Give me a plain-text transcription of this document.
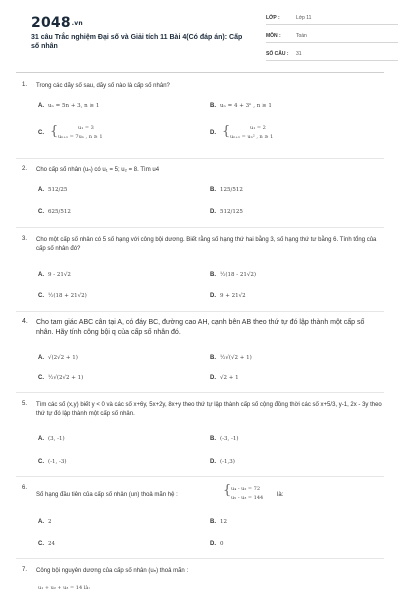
2048.vn
31 câu Trắc nghiệm Đại số và Giải tích 11 Bài 4(Có đáp án): Cấp số nhân
LỚP :	Lớp 11
MÔN :	Toán
SỐ CÂU :	31
1.	Trong các dãy số sau, dãy số nào là cấp số nhân?
A. uₙ = 5n + 3, n ≥ 1	B. uₙ = 4 + 3ⁿ , n ≥ 1
C. {	u₁ = 3
uₙ₊₁ = 7uₙ , n ≥ 1
D. {	u₁ = 2
uₙ₊₁ = uₙ² , n ≥ 1
2.	Cho cấp số nhân (uₙ) có u₁ = 5; u₂ = 8. Tìm u4
A. 512/25	B. 125/512
C. 625/512	D. 512/125
3.	Cho một cấp số nhân có 5 số hạng với công bội dương. Biết rằng số hạng thứ hai bằng 3, số hạng thứ tư bằng 6. Tính tổng của cấp số nhân đó?
A. 9 - 21√2	B. ½(18 - 21√2)
C. ½(18 + 21√2)	D. 9 + 21√2
4.	Cho tam giác ABC cân tại A, có đáy BC, đường cao AH, cạnh bên AB theo thứ tự đó lập thành một cấp số nhân. Hãy tính công bội q của cấp số nhân đó.
A. √(2√2 + 1)	B. ½√(√2 + 1)
C. ½√(2√2 + 1)	D. √2 + 1
5.	Tìm các số (x,y) biết y < 0 và các số x+6y, 5x+2y, 8x+y theo thứ tự lập thành cấp số cộng đồng thời các số x+5/3, y-1, 2x - 3y theo thứ tự đó lập thành một cấp số nhân.
A. (3, -1)	B. (-3, -1)
C. (-1, -3)	D. (-1,3)
6.
Số hạng đầu tiên của cấp số nhân (un) thoả mãn hệ :	{ u₄ - u₂ = 72
u₅ - u₃ = 144 là:
A. 2	B. 12
C. 24	D. 0
7.	Công bội nguyên dương của cấp số nhân (uₙ) thoả mãn :
u₁ + u₂ + u₃ = 14 là:
